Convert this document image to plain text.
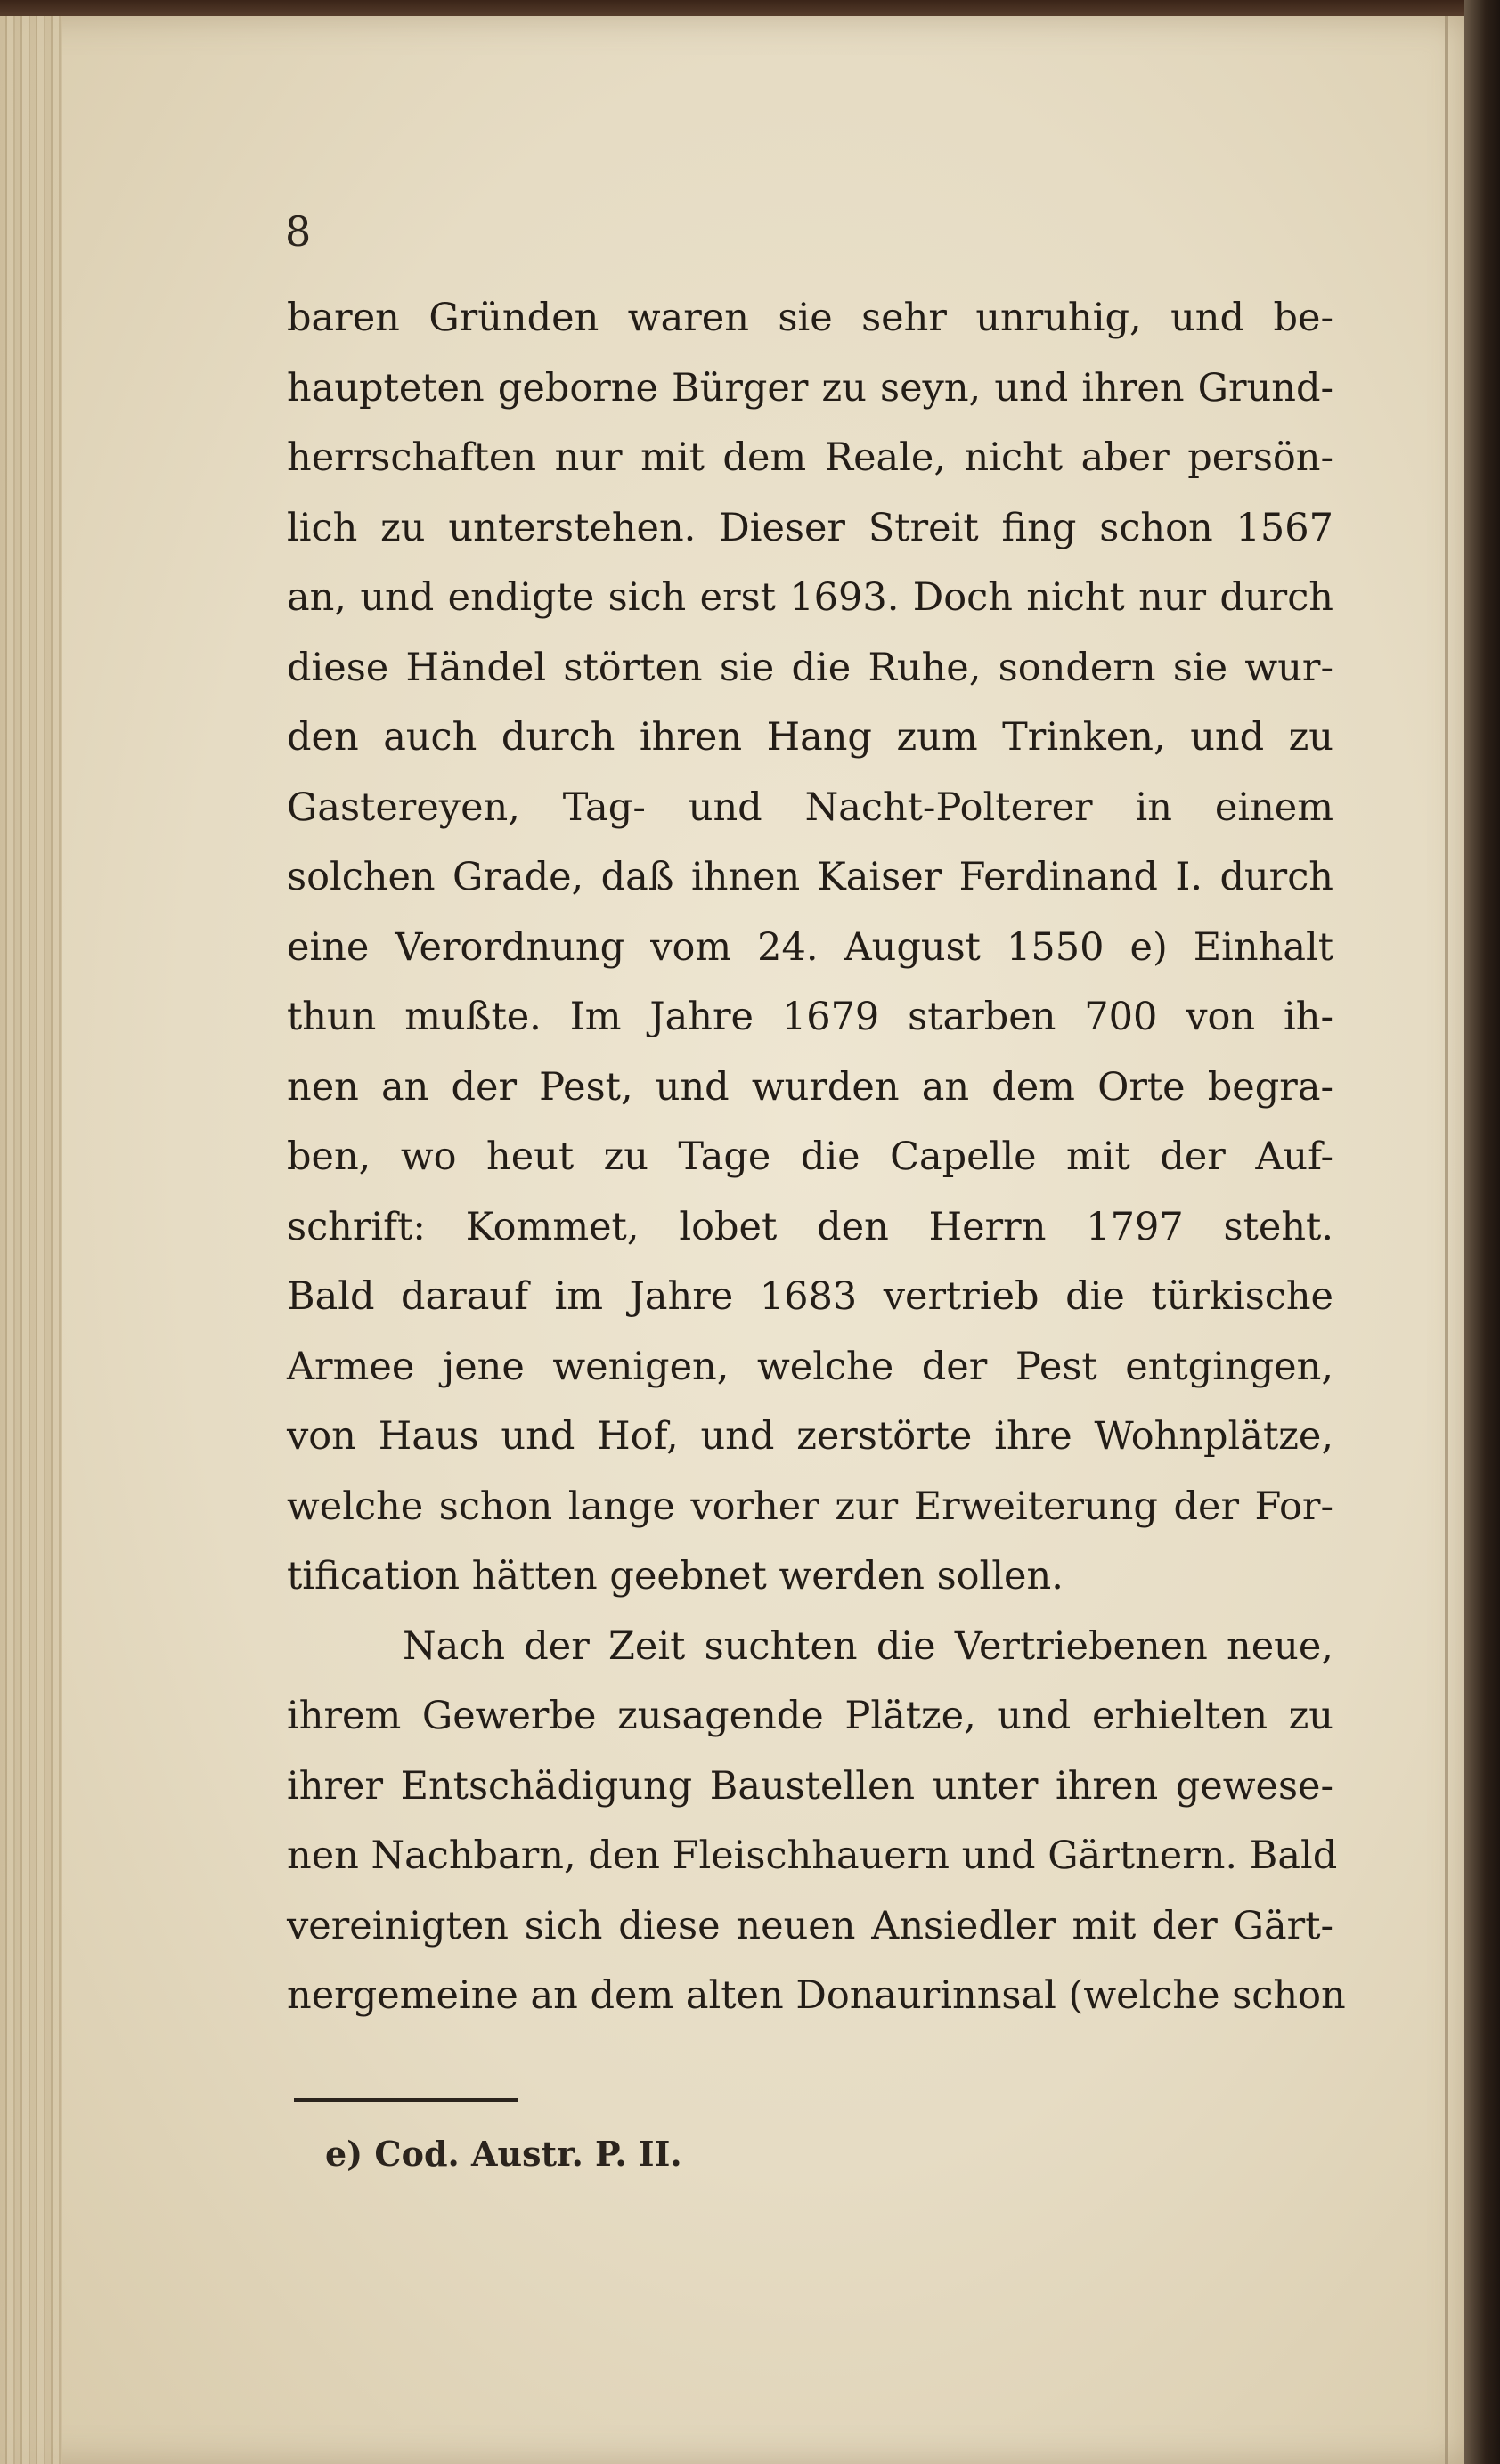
8
baren Gründen waren sie sehr unruhig, und be-
haupteten geborne Bürger zu seyn, und ihren Grund-
herrschaften nur mit dem Reale, nicht aber persön-
lich zu unterstehen. Dieser Streit fing schon 1567
an, und endigte sich erst 1693. Doch nicht nur durch
diese Händel störten sie die Ruhe, sondern sie wur-
den auch durch ihren Hang zum Trinken, und zu
Gastereyen, Tag- und Nacht-Polterer in einem
solchen Grade, daß ihnen Kaiser Ferdinand I. durch
eine Verordnung vom 24. August 1550 e) Einhalt
thun mußte. Im Jahre 1679 starben 700 von ih-
nen an der Pest, und wurden an dem Orte begra-
ben, wo heut zu Tage die Capelle mit der Auf-
schrift: Kommet, lobet den Herrn 1797 steht.
Bald darauf im Jahre 1683 vertrieb die türkische
Armee jene wenigen, welche der Pest entgingen,
von Haus und Hof, und zerstörte ihre Wohnplätze,
welche schon lange vorher zur Erweiterung der For-
tification hätten geebnet werden sollen.
Nach der Zeit suchten die Vertriebenen neue,
ihrem Gewerbe zusagende Plätze, und erhielten zu
ihrer Entschädigung Baustellen unter ihren gewese-
nen Nachbarn, den Fleischhauern und Gärtnern. Bald
vereinigten sich diese neuen Ansiedler mit der Gärt-
nergemeine an dem alten Donaurinnsal (welche schon
e) Cod. Austr. P. II.
